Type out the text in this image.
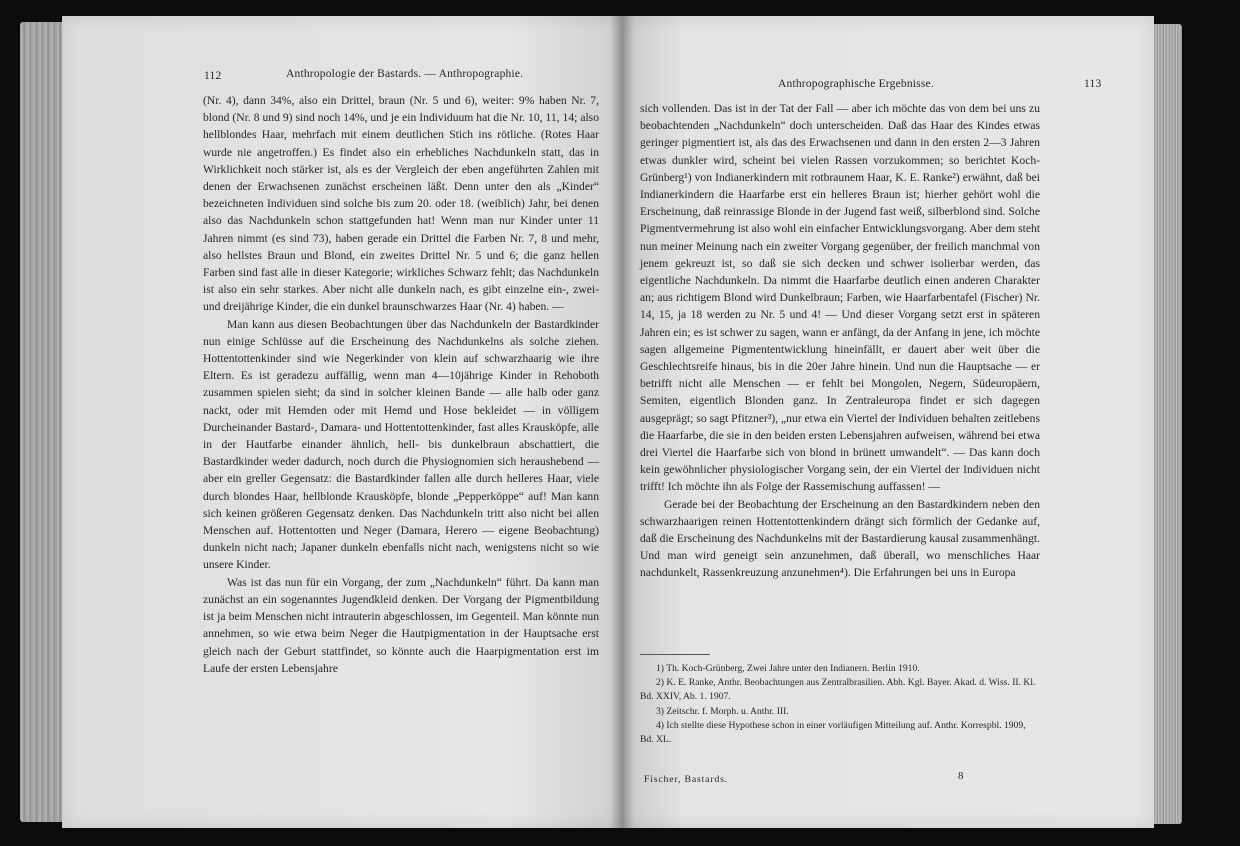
112	Anthropologie der Bastards. — Anthropographie.

(Nr. 4), dann 34%, also ein Drittel, braun (Nr. 5 und 6), weiter: 9% haben Nr. 7, blond (Nr. 8 und 9) sind noch 14%, und je ein Individuum hat die Nr. 10, 11, 14; also hellblondes Haar, mehrfach mit einem deutlichen Stich ins rötliche. (Rotes Haar wurde nie angetroffen.) Es findet also ein erhebliches Nachdunkeln statt, das in Wirklichkeit noch stärker ist, als es der Vergleich der eben angeführten Zahlen mit denen der Erwachsenen zunächst erscheinen läßt. Denn unter den als „Kinder“ bezeichneten Individuen sind solche bis zum 20. oder 18. (weiblich) Jahr, bei denen also das Nachdunkeln schon stattgefunden hat! Wenn man nur Kinder unter 11 Jahren nimmt (es sind 73), haben gerade ein Drittel die Farben Nr. 7, 8 und mehr, also hellstes Braun und Blond, ein zweites Drittel Nr. 5 und 6; die ganz hellen Farben sind fast alle in dieser Kategorie; wirkliches Schwarz fehlt; das Nachdunkeln ist also ein sehr starkes. Aber nicht alle dunkeln nach, es gibt einzelne ein-, zwei- und dreijährige Kinder, die ein dunkel braunschwarzes Haar (Nr. 4) haben. —

Man kann aus diesen Beobachtungen über das Nachdunkeln der Bastardkinder nun einige Schlüsse auf die Erscheinung des Nachdunkelns als solche ziehen. Hottentottenkinder sind wie Negerkinder von klein auf schwarzhaarig wie ihre Eltern. Es ist geradezu auffällig, wenn man 4—10jährige Kinder in Rehoboth zusammen spielen sieht; da sind in solcher kleinen Bande — alle halb oder ganz nackt, oder mit Hemden oder mit Hemd und Hose bekleidet — in völligem Durcheinander Bastard-, Damara- und Hottentottenkinder, fast alles Krausköpfe, alle in der Hautfarbe einander ähnlich, hell- bis dunkelbraun abschattiert, die Bastardkinder weder dadurch, noch durch die Physiognomien sich heraushebend — aber ein greller Gegensatz: die Bastardkinder fallen alle durch helleres Haar, viele durch blondes Haar, hellblonde Krausköpfe, blonde „Pepperköppe“ auf! Man kann sich keinen größeren Gegensatz denken. Das Nachdunkeln tritt also nicht bei allen Menschen auf. Hottentotten und Neger (Damara, Herero — eigene Beobachtung) dunkeln nicht nach; Japaner dunkeln ebenfalls nicht nach, wenigstens nicht so wie unsere Kinder.

Was ist das nun für ein Vorgang, der zum „Nachdunkeln“ führt. Da kann man zunächst an ein sogenanntes Jugendkleid denken. Der Vorgang der Pigmentbildung ist ja beim Menschen nicht intrauterin abgeschlossen, im Gegenteil. Man könnte nun annehmen, so wie etwa beim Neger die Hautpigmentation in der Hauptsache erst gleich nach der Geburt stattfindet, so könnte auch die Haarpigmentation erst im Laufe der ersten Lebensjahre

Anthropographische Ergebnisse.	113

sich vollenden. Das ist in der Tat der Fall — aber ich möchte das von dem bei uns zu beobachtenden „Nachdunkeln“ doch unterscheiden. Daß das Haar des Kindes etwas geringer pigmentiert ist, als das des Erwachsenen und dann in den ersten 2—3 Jahren etwas dunkler wird, scheint bei vielen Rassen vorzukommen; so berichtet Koch-Grünberg¹) von Indianerkindern mit rotbraunem Haar, K. E. Ranke²) erwähnt, daß bei Indianerkindern die Haarfarbe erst ein helleres Braun ist; hierher gehört wohl die Erscheinung, daß reinrassige Blonde in der Jugend fast weiß, silberblond sind. Solche Pigmentvermehrung ist also wohl ein einfacher Entwicklungsvorgang. Aber dem steht nun meiner Meinung nach ein zweiter Vorgang gegenüber, der freilich manchmal von jenem gekreuzt ist, so daß sie sich decken und schwer isolierbar werden, das eigentliche Nachdunkeln. Da nimmt die Haarfarbe deutlich einen anderen Charakter an; aus richtigem Blond wird Dunkelbraun; Farben, wie Haarfarbentafel (Fischer) Nr. 14, 15, ja 18 werden zu Nr. 5 und 4! — Und dieser Vorgang setzt erst in späteren Jahren ein; es ist schwer zu sagen, wann er anfängt, da der Anfang in jene, ich möchte sagen allgemeine Pigmententwicklung hineinfällt, er dauert aber weit über die Geschlechtsreife hinaus, bis in die 20er Jahre hinein. Und nun die Hauptsache — er betrifft nicht alle Menschen — er fehlt bei Mongolen, Negern, Südeuropäern, Semiten, eigentlich Blonden ganz. In Zentraleuropa findet er sich dagegen ausgeprägt; so sagt Pfitzner³), „nur etwa ein Viertel der Individuen behalten zeitlebens die Haarfarbe, die sie in den beiden ersten Lebensjahren aufweisen, während bei etwa drei Viertel die Haarfarbe sich von blond in brünett umwandelt“. — Das kann doch kein gewöhnlicher physiologischer Vorgang sein, der ein Viertel der Individuen nicht trifft! Ich möchte ihn als Folge der Rassemischung auffassen! —

Gerade bei der Beobachtung der Erscheinung an den Bastardkindern neben den schwarzhaarigen reinen Hottentottenkindern drängt sich förmlich der Gedanke auf, daß die Erscheinung des Nachdunkelns mit der Bastardierung kausal zusammenhängt. Und man wird geneigt sein anzunehmen, daß überall, wo menschliches Haar nachdunkelt, Rassenkreuzung anzunehmen⁴). Die Erfahrungen bei uns in Europa

1) Th. Koch-Grünberg, Zwei Jahre unter den Indianern. Berlin 1910.

2) K. E. Ranke, Anthr. Beobachtungen aus Zentralbrasilien. Abh. Kgl. Bayer. Akad. d. Wiss. II. Kl. Bd. XXIV, Ab. 1. 1907.

3) Zeitschr. f. Morph. u. Anthr. III.

4) Ich stellte diese Hypothese schon in einer vorläufigen Mitteilung auf. Anthr. Korrespbl. 1909, Bd. XL.

Fischer, Bastards.	8
